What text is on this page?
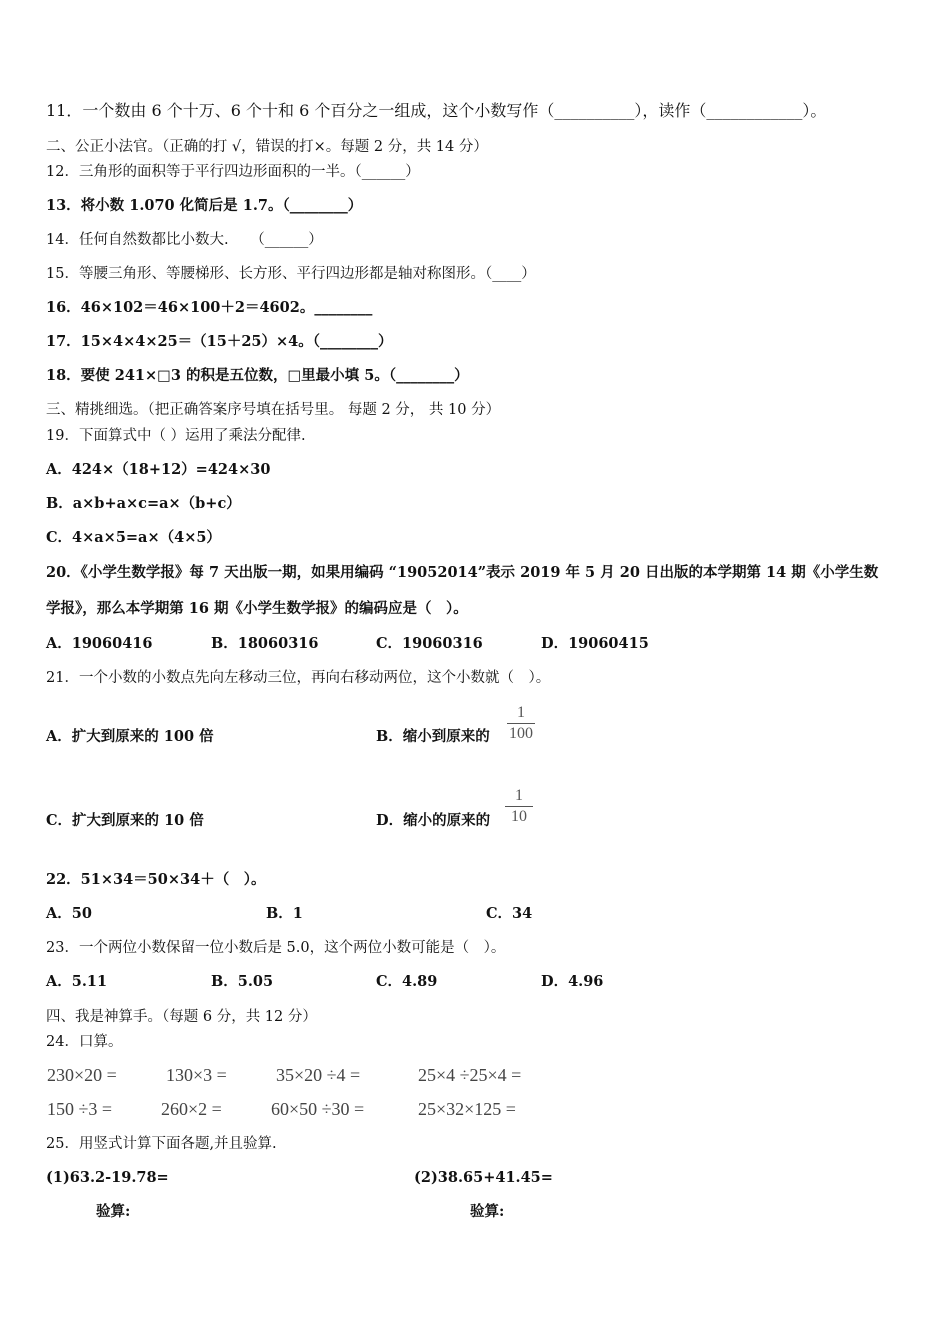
11．一个数由 6 个十万、6 个十和 6 个百分之一组成，这个小数写作（__________），读作（____________）。
二、公正小法官。（正确的打 √，错误的打×。每题 2 分，共 14 分）
12．三角形的面积等于平行四边形面积的一半。（______）
13．将小数 1.070 化简后是 1.7。（________）
14．任何自然数都比小数大.　　（______）
15．等腰三角形、等腰梯形、长方形、平行四边形都是轴对称图形。（____）
16．46×102＝46×100＋2＝4602。________
17．15×4×4×25＝（15＋25）×4。（________）
18．要使 241×□3 的积是五位数，□里最小填 5。（________）
三、精挑细选。（把正确答案序号填在括号里。 每题 2 分， 共 10 分）
19．下面算式中（ ）运用了乘法分配律.
A．424×（18+12）=424×30
B．a×b+a×c=a×（b+c）
C．4×a×5=a×（4×5）
20．《小学生数学报》每 7 天出版一期，如果用编码 “19052014”表示 2019 年 5 月 20 日出版的本学期第 14 期《小学生数
学报》，那么本学期第 16 期《小学生数学报》的编码应是（　）。
A．19060416	B．18060316	C．19060316	D．19060415
21．一个小数的小数点先向左移动三位，再向右移动两位，这个小数就（　）。
A．扩大到原来的 100 倍	B．缩小到原来的
1
100
C．扩大到原来的 10 倍	D．缩小的原来的
1
10
22．51×34＝50×34＋（　）。
A．50	B．1	C．34
23．一个两位小数保留一位小数后是 5.0，这个两位小数可能是（　）。
A．5.11	B．5.05	C．4.89	D．4.96
四、我是神算手。（每题 6 分，共 12 分）
24．口算。
230×20 =	130×3 =	35×20 ÷4 =	25×4 ÷25×4 =
150 ÷3 =	260×2 =	60×50 ÷30 =	25×32×125 =
25．用竖式计算下面各题,并且验算.
(1)63.2-19.78=	(2)38.65+41.45=
验算:	验算:
